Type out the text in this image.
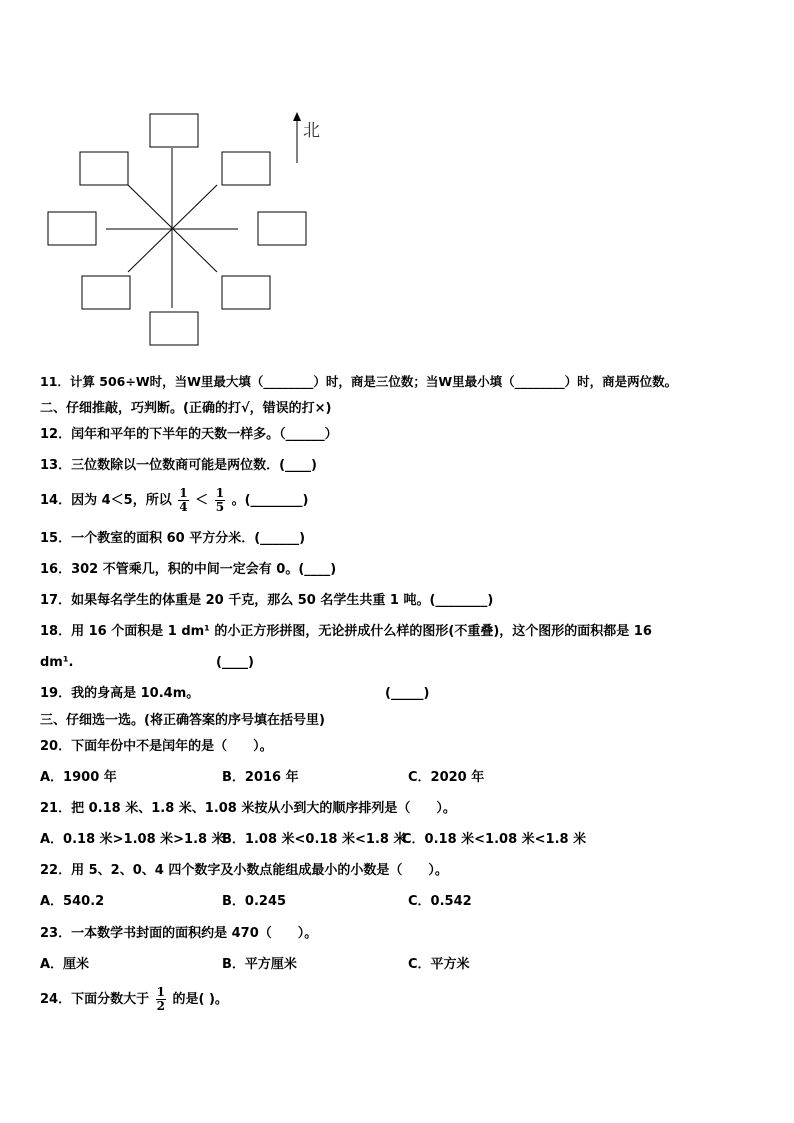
北
11．计算 506÷W时，当W里最大填（________）时，商是三位数；当W里最小填（________）时，商是两位数。
二、仔细推敲，巧判断。(正确的打√，错误的打×)
12．闰年和平年的下半年的天数一样多。（______）
13．三位数除以一位数商可能是两位数．(____)
14．因为 4＜5，所以 $\frac{1}{4} < \frac{1}{5}$ 。(________)
15．一个教室的面积 60 平方分米．(______)
16．302 不管乘几，积的中间一定会有 0。(____)
17．如果每名学生的体重是 20 千克，那么 50 名学生共重 1 吨。(________)
18．用 16 个面积是 1 dm¹ 的小正方形拼图，无论拼成什么样的图形(不重叠)，这个图形的面积都是 16
dm¹.	(____)
19．我的身高是 10.4m。	(_____)
三、仔细选一选。(将正确答案的序号填在括号里)
20．下面年份中不是闰年的是（　　）。
A．1900 年	B．2016 年	C．2020 年
21．把 0.18 米、1.8 米、1.08 米按从小到大的顺序排列是（　　）。
A．0.18 米>1.08 米>1.8 米
B．1.08 米<0.18 米<1.8 米
C．0.18 米<1.08 米<1.8 米
22．用 5、2、0、4 四个数字及小数点能组成最小的小数是（　　）。
A．540.2	B．0.245	C．0.542
23．一本数学书封面的面积约是 470（　　）。
A．厘米	B．平方厘米	C．平方米
24．下面分数大于 $\frac{1}{2}$ 的是( )。
